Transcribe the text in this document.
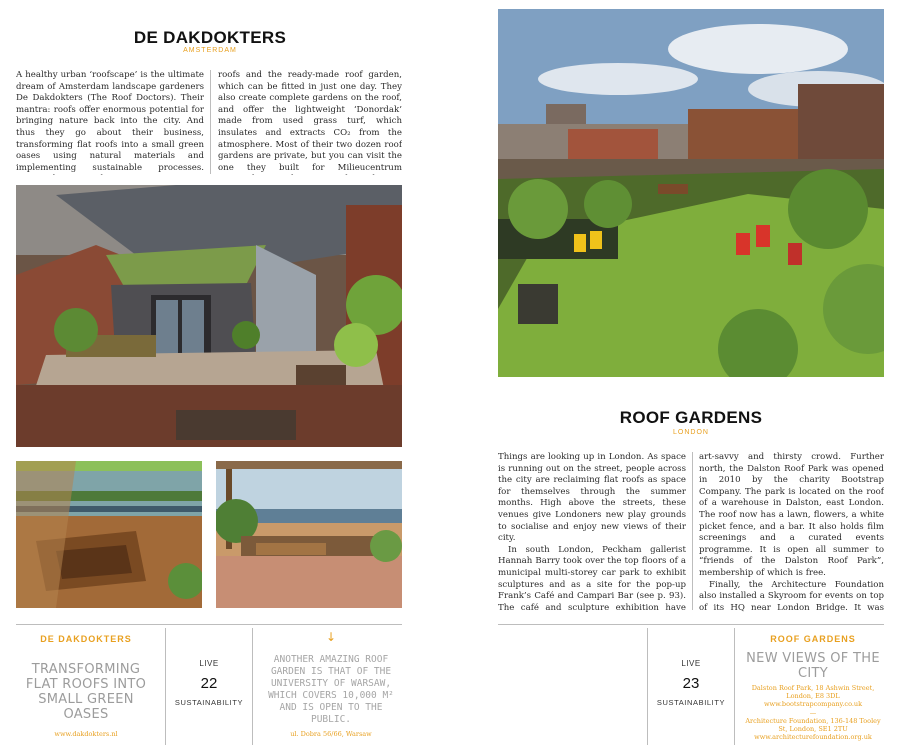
DE DAKDOKTERS
AMSTERDAM

A healthy urban ‘roofscape’ is the ultimate dream of Amsterdam landscape gardeners De Dakdokters (The Roof Doctors). Their mantra: roofs offer enormous potential for bringing nature back into the city. And thus they go about their business, transforming flat roofs into a small green oases using natural materials and implementing sustainable processes.

roofs and the ready-made roof garden, which can be fitted in just one day. They also create complete gardens on the roof, and offer the lightweight ‘Donordak’ made from used grass turf, which insulates and extracts CO₂ from the atmosphere. Most of their two dozen roof gardens are private, but you can visit the one they built for Milieucentrum

DE DAKDOKTERS
TRANSFORMING FLAT ROOFS INTO SMALL GREEN OASES
www.dakdokters.nl
LIVE
22
SUSTAINABILITY
↓
ANOTHER AMAZING ROOF GARDEN IS THAT OF THE UNIVERSITY OF WARSAW, WHICH COVERS 10,000 M² AND IS OPEN TO THE PUBLIC.
ul. Dobra 56/66, Warsaw
ROOF GARDENS
LONDON

Things are looking up in London. As space is running out on the street, people across the city are reclaiming flat roofs as space for themselves through the summer months. High above the streets, these venues give Londoners new play grounds to socialise and enjoy new views of their city.

In south London, Peckham gallerist Hannah Barry took over the top floors of a municipal multi-storey car park to exhibit sculptures and as a site for the pop-up Frank’s Café and Campari Bar (see p. 93). The café and sculpture exhibition have

art-savvy and thirsty crowd. Further north, the Dalston Roof Park was opened in 2010 by the charity Bootstrap Company. The park is located on the roof of a warehouse in Dalston, east London. The roof now has a lawn, flowers, a white picket fence, and a bar. It also holds film screenings and a curated events programme. It is open all summer to “friends of the Dalston Roof Park”, membership of which is free.

Finally, the Architecture Foundation also installed a Skyroom for events on top of its HQ near London Bridge. It was

LIVE
23
SUSTAINABILITY
ROOF GARDENS
NEW VIEWS OF THE CITY
Dalston Roof Park, 18 Ashwin Street, London, E8 3DL
www.bootstrapcompany.co.uk
—
Architecture Foundation, 136-148 Tooley St, London, SE1 2TU
www.architecturefoundation.org.uk
